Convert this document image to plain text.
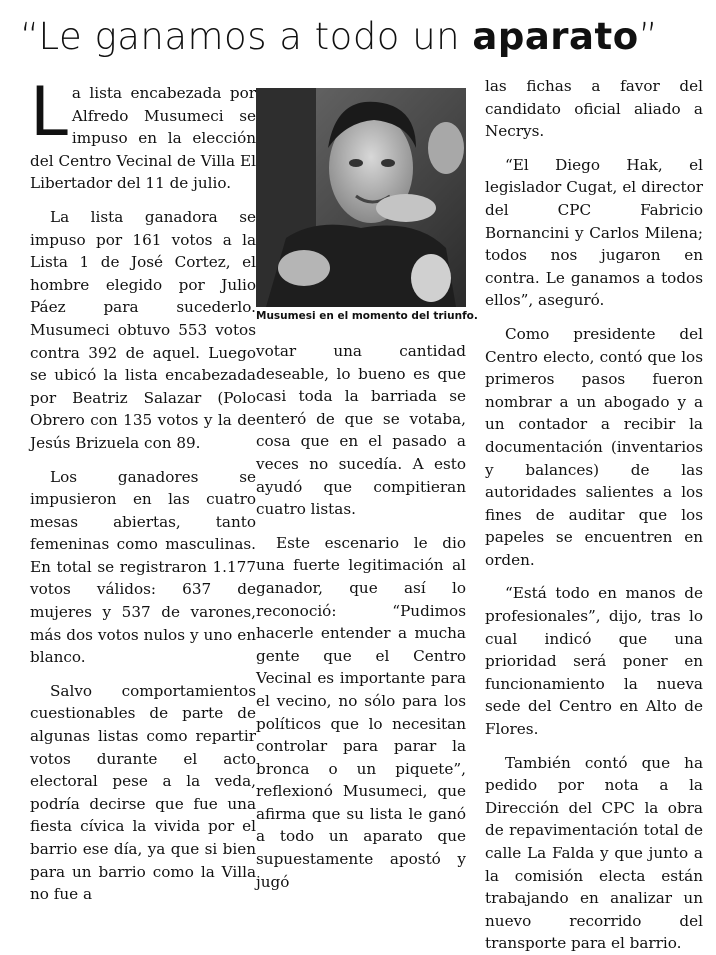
“Le ganamos a todo un aparato”

La lista encabezada por Alfredo Musumeci se impuso en la elección del Centro Vecinal de Villa El Libertador del 11 de julio.

La lista ganadora se impuso por 161 votos a la Lista 1 de José Cortez, el hombre elegido por Julio Páez para sucederlo. Musumeci obtuvo 553 votos contra 392 de aquel. Luego se ubicó la lista encabezada por Beatriz Salazar (Polo Obrero con 135 votos y la de Jesús Brizuela con 89.

Los ganadores se impusieron en las cuatro mesas abiertas, tanto femeninas como masculinas. En total se registraron 1.177 votos válidos: 637 de mujeres y 537 de varones, más dos votos nulos y uno en blanco.

Salvo comportamientos cuestionables de parte de algunas listas como repartir votos durante el acto electoral pese a la veda, podría decirse que fue una fiesta cívica la vivida por el barrio ese día, ya que si bien para un barrio como la Villa no fue a

Musumesi en el momento del triunfo.

votar una cantidad deseable, lo bueno es que casi toda la barriada se enteró de que se votaba, cosa que en el pasado a veces no sucedía. A esto ayudó que compitieran cuatro listas.

Este escenario le dio una fuerte legitimación al ganador, que así lo reconoció: “Pudimos hacerle entender a mucha gente que el Centro Vecinal es importante para el vecino, no sólo para los políticos que lo necesitan controlar para parar la bronca o un piquete”, reflexionó Musumeci, que afirma que su lista le ganó a todo un aparato que supuestamente apostó y jugó

las fichas a favor del candidato oficial aliado a Necrys.

“El Diego Hak, el legislador Cugat, el director del CPC Fabricio Bornancini y Carlos Milena; todos nos jugaron en contra. Le ganamos a todos ellos”, aseguró.

Como presidente del Centro electo, contó que los primeros pasos fueron nombrar a un abogado y a un contador a recibir la documentación (inventarios y balances) de las autoridades salientes a los fines de auditar que los papeles se encuentren en orden.

“Está todo en manos de profesionales”, dijo, tras lo cual indicó que una prioridad será poner en funcionamiento la nueva sede del Centro en Alto de Flores.

También contó que ha pedido por nota a la Dirección del CPC la obra de repavimentación total de calle La Falda y que junto a la comisión electa están trabajando en analizar un nuevo recorrido del transporte para el barrio.
